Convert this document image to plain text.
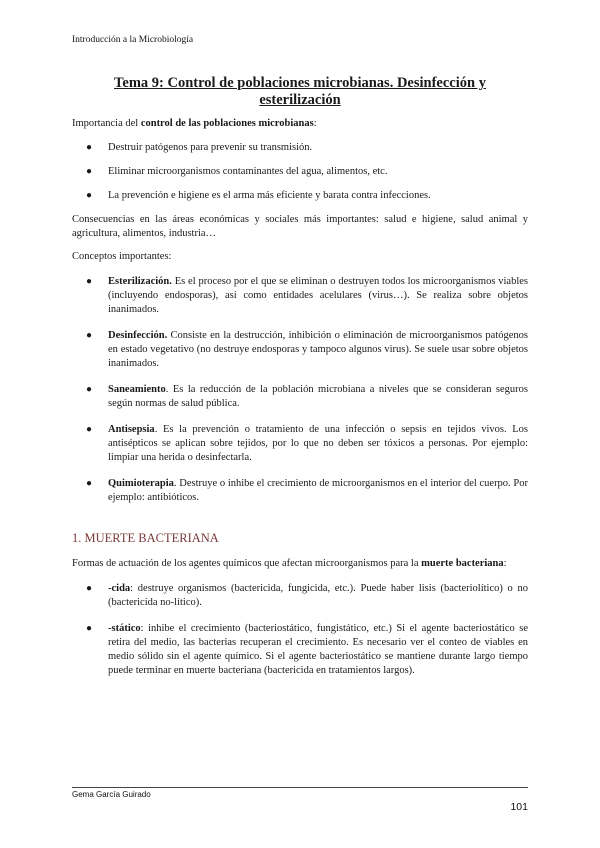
Introducción a la Microbiología
Tema 9: Control de poblaciones microbianas. Desinfección y esterilización

Importancia del control de las poblaciones microbianas:

● Destruir patógenos para prevenir su transmisión.
● Eliminar microorganismos contaminantes del agua, alimentos, etc.
● La prevención e higiene es el arma más eficiente y barata contra infecciones.

Consecuencias en las áreas económicas y sociales más importantes: salud e higiene, salud animal y agricultura, alimentos, industria…

Conceptos importantes:

● Esterilización. Es el proceso por el que se eliminan o destruyen todos los microorganismos viables (incluyendo endosporas), así como entidades acelulares (virus…). Se realiza sobre objetos inanimados.
● Desinfección. Consiste en la destrucción, inhibición o eliminación de microorganismos patógenos en estado vegetativo (no destruye endosporas y tampoco algunos virus). Se suele usar sobre objetos inanimados.
● Saneamiento. Es la reducción de la población microbiana a niveles que se consideran seguros según normas de salud pública.
● Antisepsia. Es la prevención o tratamiento de una infección o sepsis en tejidos vivos. Los antisépticos se aplican sobre tejidos, por lo que no deben ser tóxicos a personas. Por ejemplo: limpiar una herida o desinfectarla.
● Quimioterapia. Destruye o inhibe el crecimiento de microorganismos en el interior del cuerpo. Por ejemplo: antibióticos.
1. MUERTE BACTERIANA

Formas de actuación de los agentes químicos que afectan microorganismos para la muerte bacteriana:

● -cida: destruye organismos (bactericida, fungicida, etc.). Puede haber lisis (bacteriolítico) o no (bactericida no-lítico).
● -stático: inhibe el crecimiento (bacteriostático, fungistático, etc.) Si el agente bacteriostático se retira del medio, las bacterias recuperan el crecimiento. Es necesario ver el conteo de viables en medio sólido sin el agente químico. Si el agente bacteriostático se mantiene durante largo tiempo puede terminar en muerte bacteriana (bactericida en tratamientos largos).
Gema García Guirado
101
